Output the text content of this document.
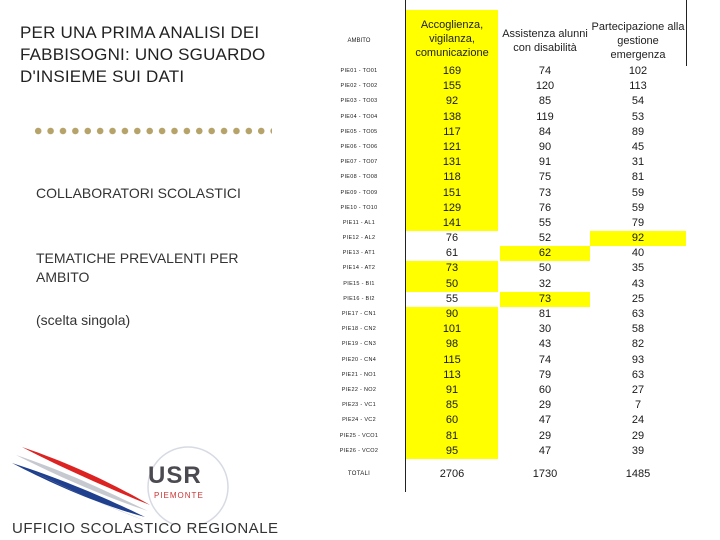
PER UNA PRIMA ANALISI DEI FABBISOGNI: UNO SGUARDO D'INSIEME SUI DATI
COLLABORATORI SCOLASTICI
TEMATICHE PREVALENTI PER AMBITO
(scelta singola)
USR
PIEMONTE
UFFICIO SCOLASTICO REGIONALE
AMBITO
Accoglienza, vigilanza, comunicazione
Assistenza alunni con disabilità
Partecipazione alla gestione emergenza
PIE01 - TO01	169	74	102
PIE02 - TO02	155	120	113
PIE03 - TO03	92	85	54
PIE04 - TO04	138	119	53
PIE05 - TO05	117	84	89
PIE06 - TO06	121	90	45
PIE07 - TO07	131	91	31
PIE08 - TO08	118	75	81
PIE09 - TO09	151	73	59
PIE10 - TO10	129	76	59
PIE11 - AL1	141	55	79
PIE12 - AL2	76	52	92
PIE13 - AT1	61	62	40
PIE14 - AT2	73	50	35
PIE15 - BI1	50	32	43
PIE16 - BI2	55	73	25
PIE17 - CN1	90	81	63
PIE18 - CN2	101	30	58
PIE19 - CN3	98	43	82
PIE20 - CN4	115	74	93
PIE21 - NO1	113	79	63
PIE22 - NO2	91	60	27
PIE23 - VC1	85	29	7
PIE24 - VC2	60	47	24
PIE25 - VCO1	81	29	29
PIE26 - VCO2	95	47	39
TOTALI	2706	1730	1485
